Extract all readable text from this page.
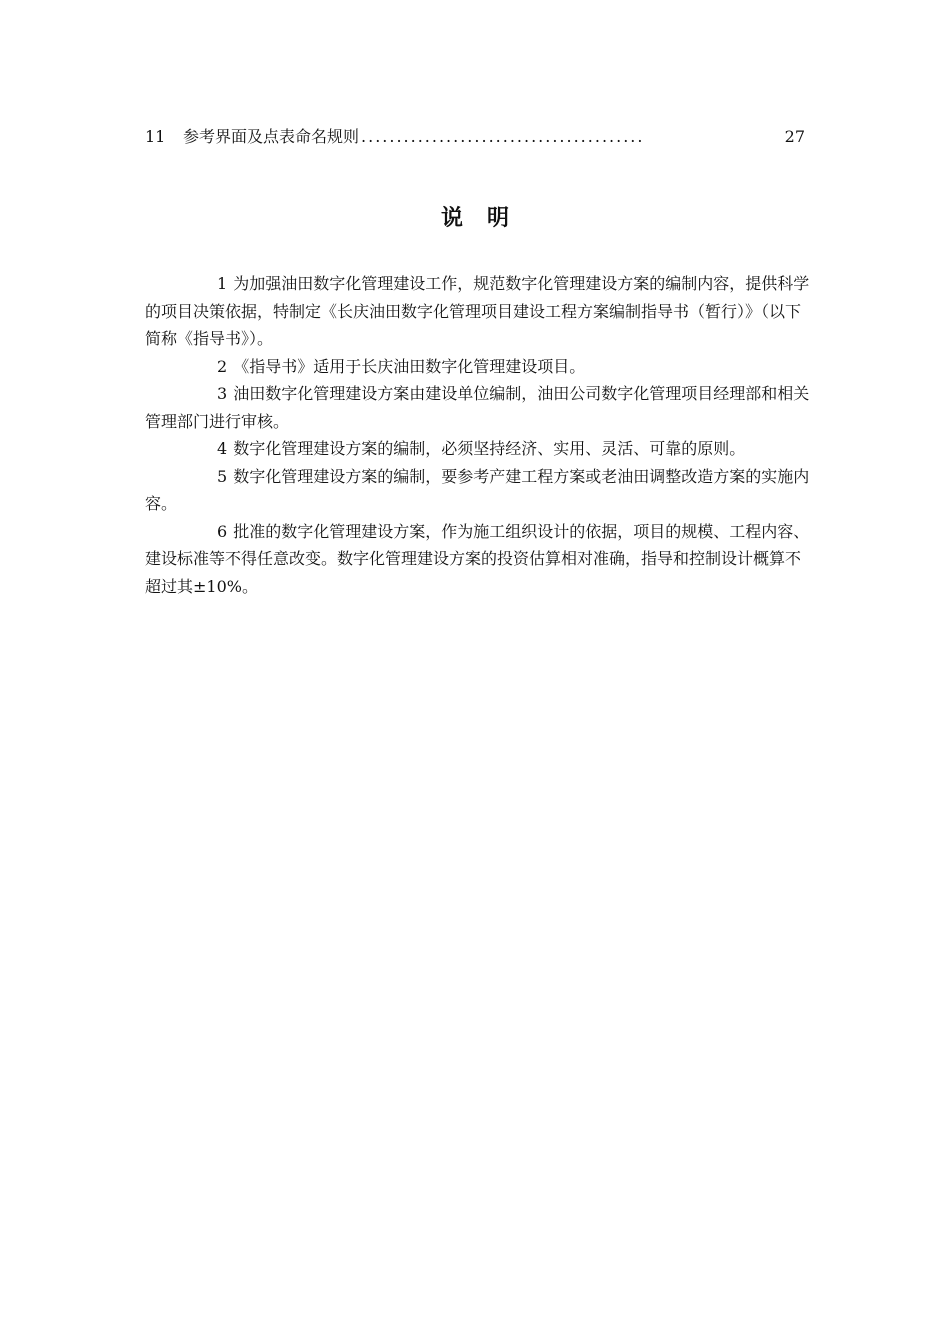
11	参考界面及点表命名规则 ........................................	27
说明

1 为加强油田数字化管理建设工作，规范数字化管理建设方案的编制内容，提供科学的项目决策依据，特制定《长庆油田数字化管理项目建设工程方案编制指导书（暂行）》（以下简称《指导书》）。

2 《指导书》适用于长庆油田数字化管理建设项目。

3 油田数字化管理建设方案由建设单位编制，油田公司数字化管理项目经理部和相关管理部门进行审核。

4 数字化管理建设方案的编制，必须坚持经济、实用、灵活、可靠的原则。

5 数字化管理建设方案的编制，要参考产建工程方案或老油田调整改造方案的实施内容。

6 批准的数字化管理建设方案，作为施工组织设计的依据，项目的规模、工程内容、建设标准等不得任意改变。数字化管理建设方案的投资估算相对准确，指导和控制设计概算不超过其±10%。
